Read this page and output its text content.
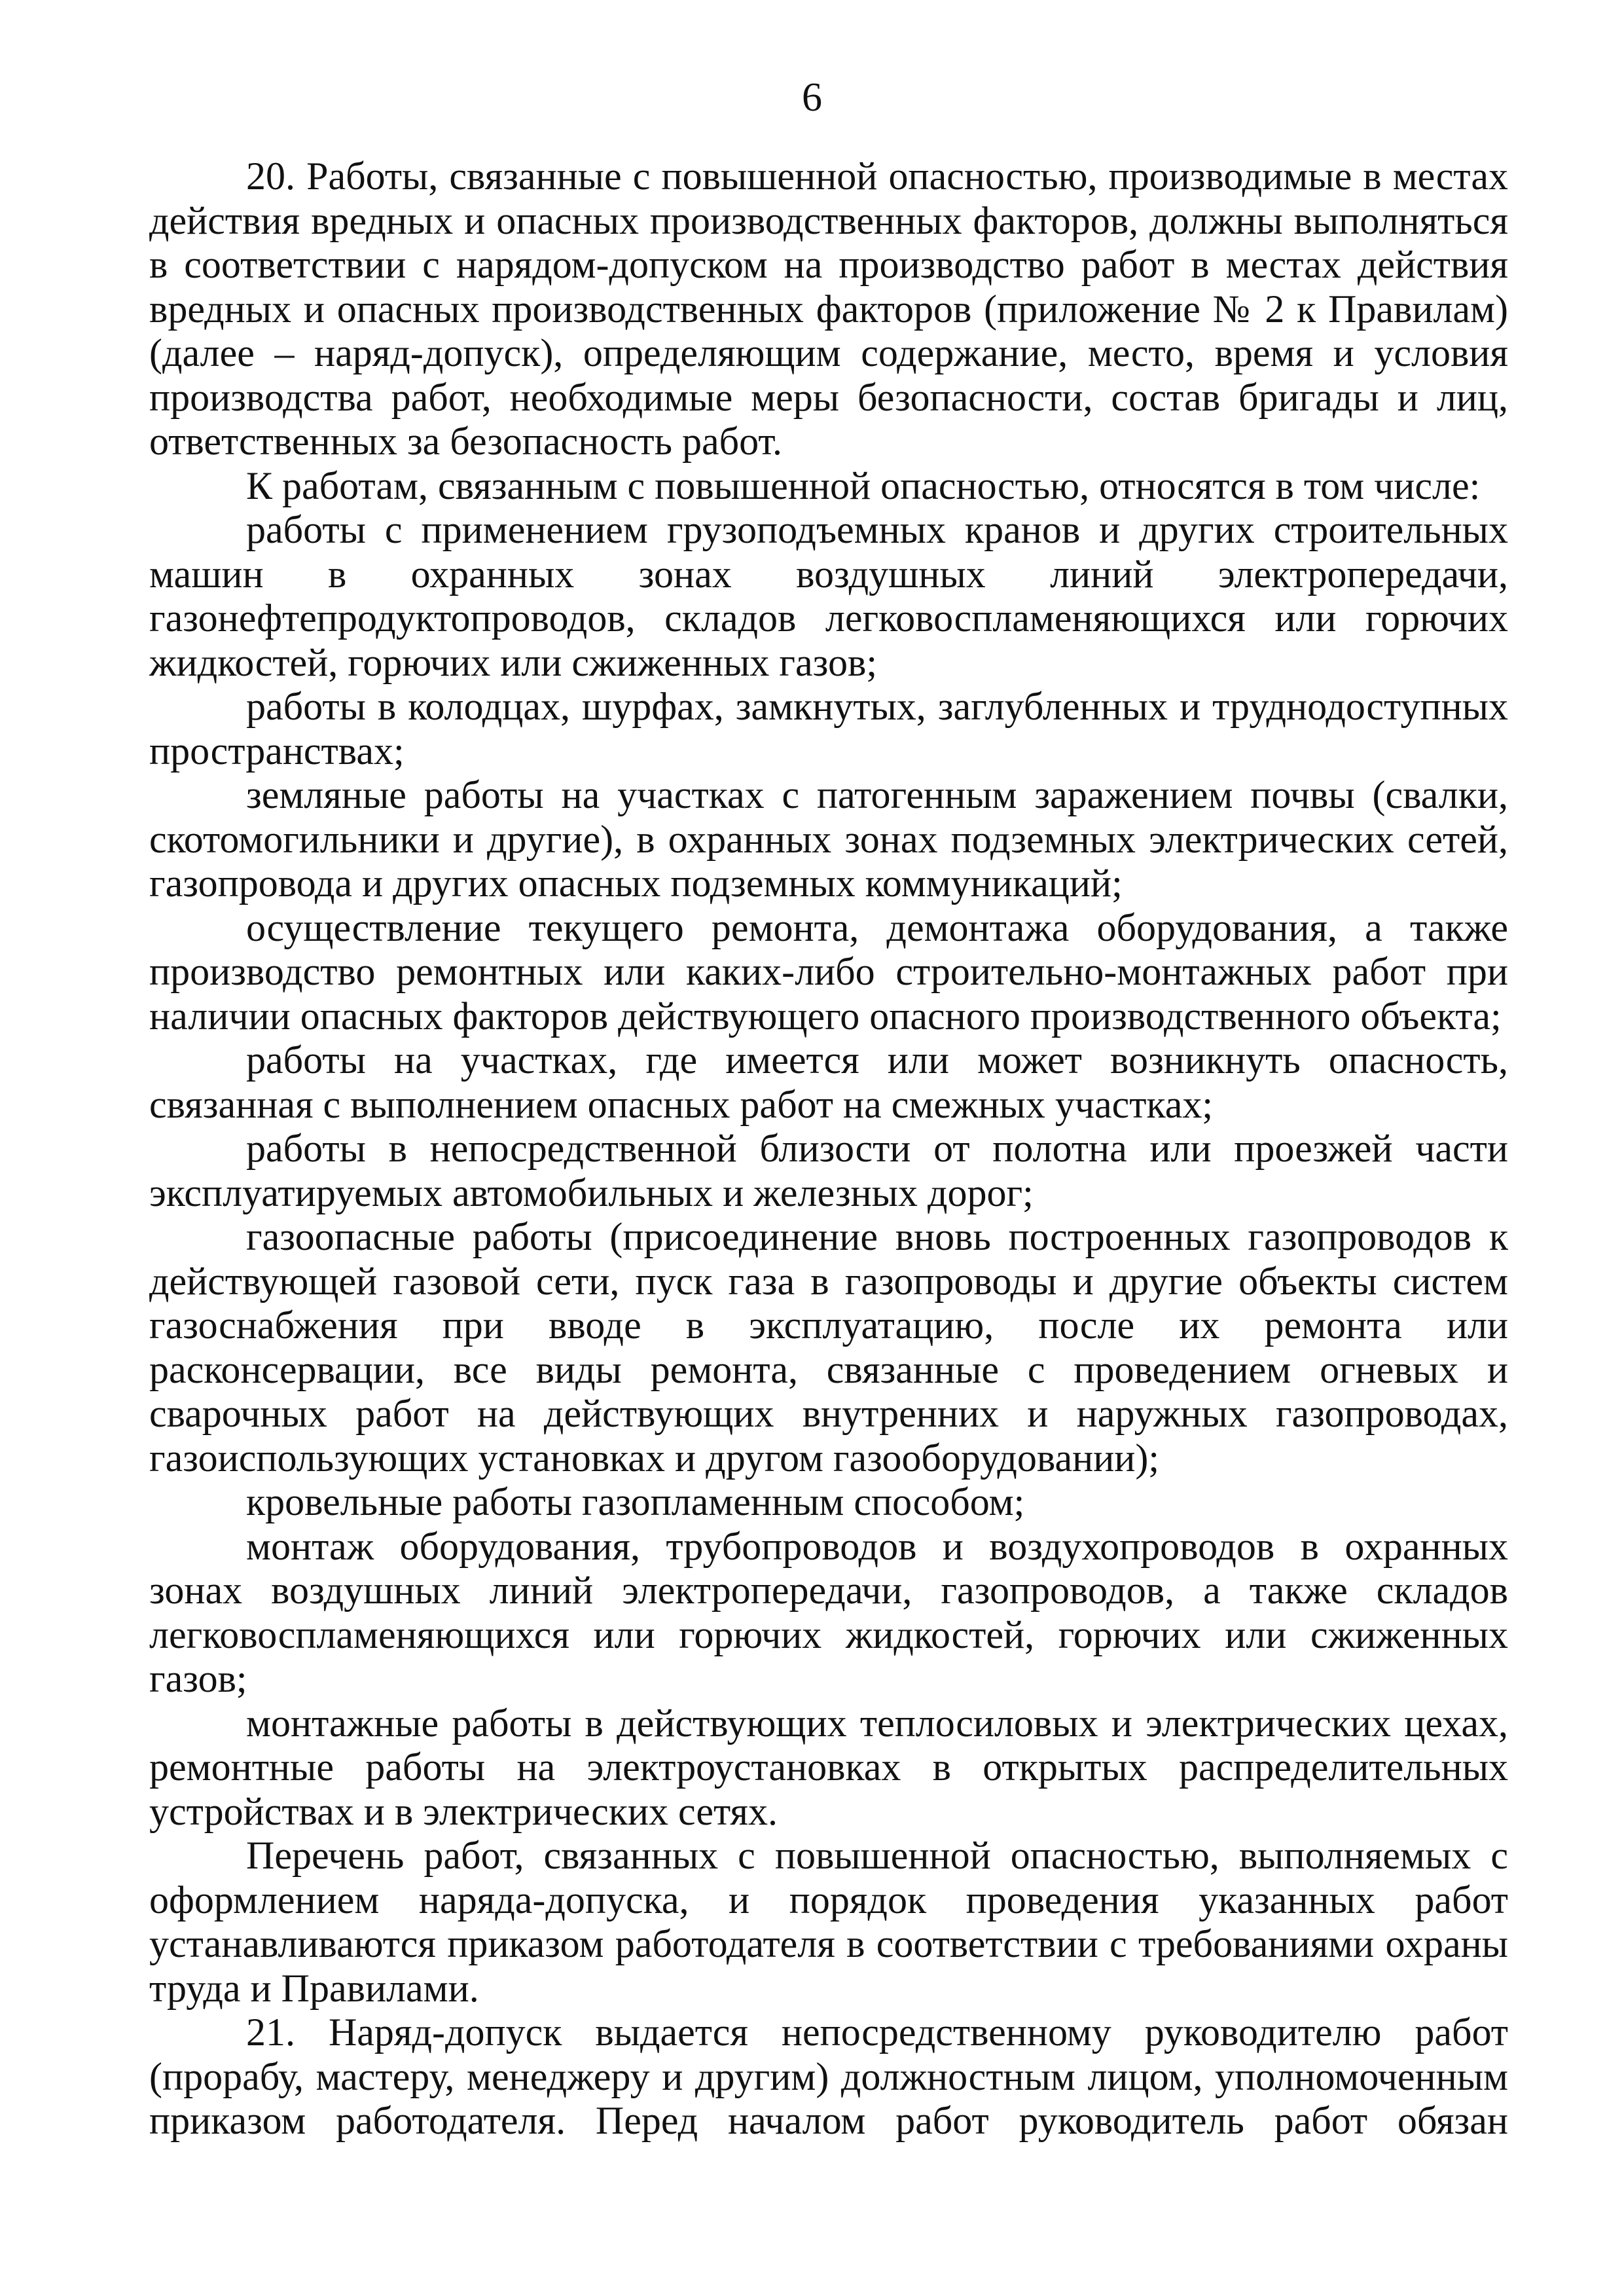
6

20. Работы, связанные с повышенной опасностью, производимые в местах действия вредных и опасных производственных факторов, должны выполняться в соответствии с нарядом-допуском на производство работ в местах действия вредных и опасных производственных факторов (приложение № 2 к Правилам) (далее – наряд-допуск), определяющим содержание, место, время и условия производства работ, необходимые меры безопасности, состав бригады и лиц, ответственных за безопасность работ.

К работам, связанным с повышенной опасностью, относятся в том числе:

работы с применением грузоподъемных кранов и других строительных машин в охранных зонах воздушных линий электропередачи, газонефтепродуктопроводов, складов легковоспламеняющихся или горючих жидкостей, горючих или сжиженных газов;

работы в колодцах, шурфах, замкнутых, заглубленных и труднодоступных пространствах;

земляные работы на участках с патогенным заражением почвы (свалки, скотомогильники и другие), в охранных зонах подземных электрических сетей, газопровода и других опасных подземных коммуникаций;

осуществление текущего ремонта, демонтажа оборудования, а также производство ремонтных или каких-либо строительно-монтажных работ при наличии опасных факторов действующего опасного производственного объекта;

работы на участках, где имеется или может возникнуть опасность, связанная с выполнением опасных работ на смежных участках;

работы в непосредственной близости от полотна или проезжей части эксплуатируемых автомобильных и железных дорог;

газоопасные работы (присоединение вновь построенных газопроводов к действующей газовой сети, пуск газа в газопроводы и другие объекты систем газоснабжения при вводе в эксплуатацию, после их ремонта или расконсервации, все виды ремонта, связанные с проведением огневых и сварочных работ на действующих внутренних и наружных газопроводах, газоиспользующих установках и другом газооборудовании);

кровельные работы газопламенным способом;

монтаж оборудования, трубопроводов и воздухопроводов в охранных зонах воздушных линий электропередачи, газопроводов, а также складов легковоспламеняющихся или горючих жидкостей, горючих или сжиженных газов;

монтажные работы в действующих теплосиловых и электрических цехах, ремонтные работы на электроустановках в открытых распределительных устройствах и в электрических сетях.

Перечень работ, связанных с повышенной опасностью, выполняемых с оформлением наряда-допуска, и порядок проведения указанных работ устанавливаются приказом работодателя в соответствии с требованиями охраны труда и Правилами.

21. Наряд-допуск выдается непосредственному руководителю работ (прорабу, мастеру, менеджеру и другим) должностным лицом, уполномоченным приказом работодателя. Перед началом работ руководитель работ обязан
